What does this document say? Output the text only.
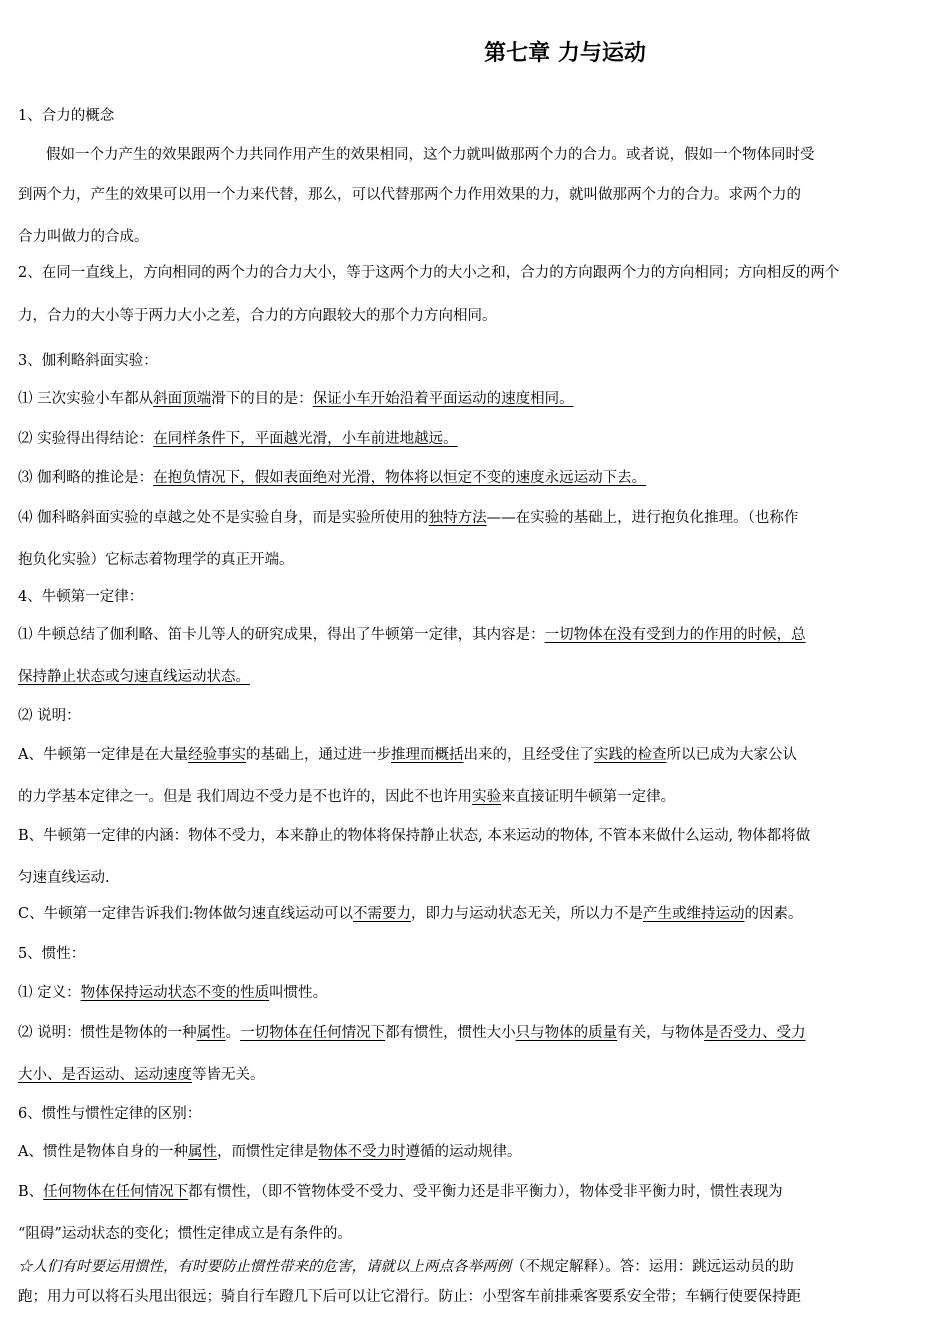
第七章 力与运动
1、合力的概念
假如一个力产生的效果跟两个力共同作用产生的效果相同，这个力就叫做那两个力的合力。或者说，假如一个物体同时受
到两个力，产生的效果可以用一个力来代替，那么，可以代替那两个力作用效果的力，就叫做那两个力的合力。求两个力的
合力叫做力的合成。
2、在同一直线上，方向相同的两个力的合力大小，等于这两个力的大小之和，合力的方向跟两个力的方向相同；方向相反的两个
力，合力的大小等于两力大小之差，合力的方向跟较大的那个力方向相同。
3、伽利略斜面实验：
⑴ 三次实验小车都从斜面顶端滑下的目的是：保证小车开始沿着平面运动的速度相同。
⑵ 实验得出得结论：在同样条件下，平面越光滑，小车前进地越远。
⑶ 伽利略的推论是：在抱负情况下，假如表面绝对光滑，物体将以恒定不变的速度永远运动下去。
⑷ 伽科略斜面实验的卓越之处不是实验自身，而是实验所使用的独特方法——在实验的基础上，进行抱负化推理。（也称作
抱负化实验）它标志着物理学的真正开端。
4、牛顿第一定律：
⑴ 牛顿总结了伽利略、笛卡儿等人的研究成果，得出了牛顿第一定律，其内容是：一切物体在没有受到力的作用的时候，总
保持静止状态或匀速直线运动状态。
⑵ 说明：
A、牛顿第一定律是在大量经验事实的基础上，通过进一步推理而概括出来的，且经受住了实践的检查所以已成为大家公认
的力学基本定律之一。但是 我们周边不受力是不也许的，因此不也许用实验来直接证明牛顿第一定律。
B、牛顿第一定律的内涵：物体不受力，本来静止的物体将保持静止状态, 本来运动的物体, 不管本来做什么运动, 物体都将做
匀速直线运动.
C、牛顿第一定律告诉我们:物体做匀速直线运动可以不需要力，即力与运动状态无关，所以力不是产生或维持运动的因素。
5、惯性：
⑴ 定义：物体保持运动状态不变的性质叫惯性。
⑵ 说明：惯性是物体的一种属性。一切物体在任何情况下都有惯性，惯性大小只与物体的质量有关，与物体是否受力、受力
大小、是否运动、运动速度等皆无关。
6、惯性与惯性定律的区别：
A、惯性是物体自身的一种属性，而惯性定律是物体不受力时遵循的运动规律。
B、任何物体在任何情况下都有惯性，（即不管物体受不受力、受平衡力还是非平衡力），物体受非平衡力时，惯性表现为
“阻碍”运动状态的变化；惯性定律成立是有条件的。
☆人们有时要运用惯性，有时要防止惯性带来的危害，请就以上两点各举两例（不规定解释）。答：运用：跳远运动员的助
跑；用力可以将石头甩出很远；骑自行车蹬几下后可以让它滑行。防止：小型客车前排乘客要系安全带；车辆行使要保持距
